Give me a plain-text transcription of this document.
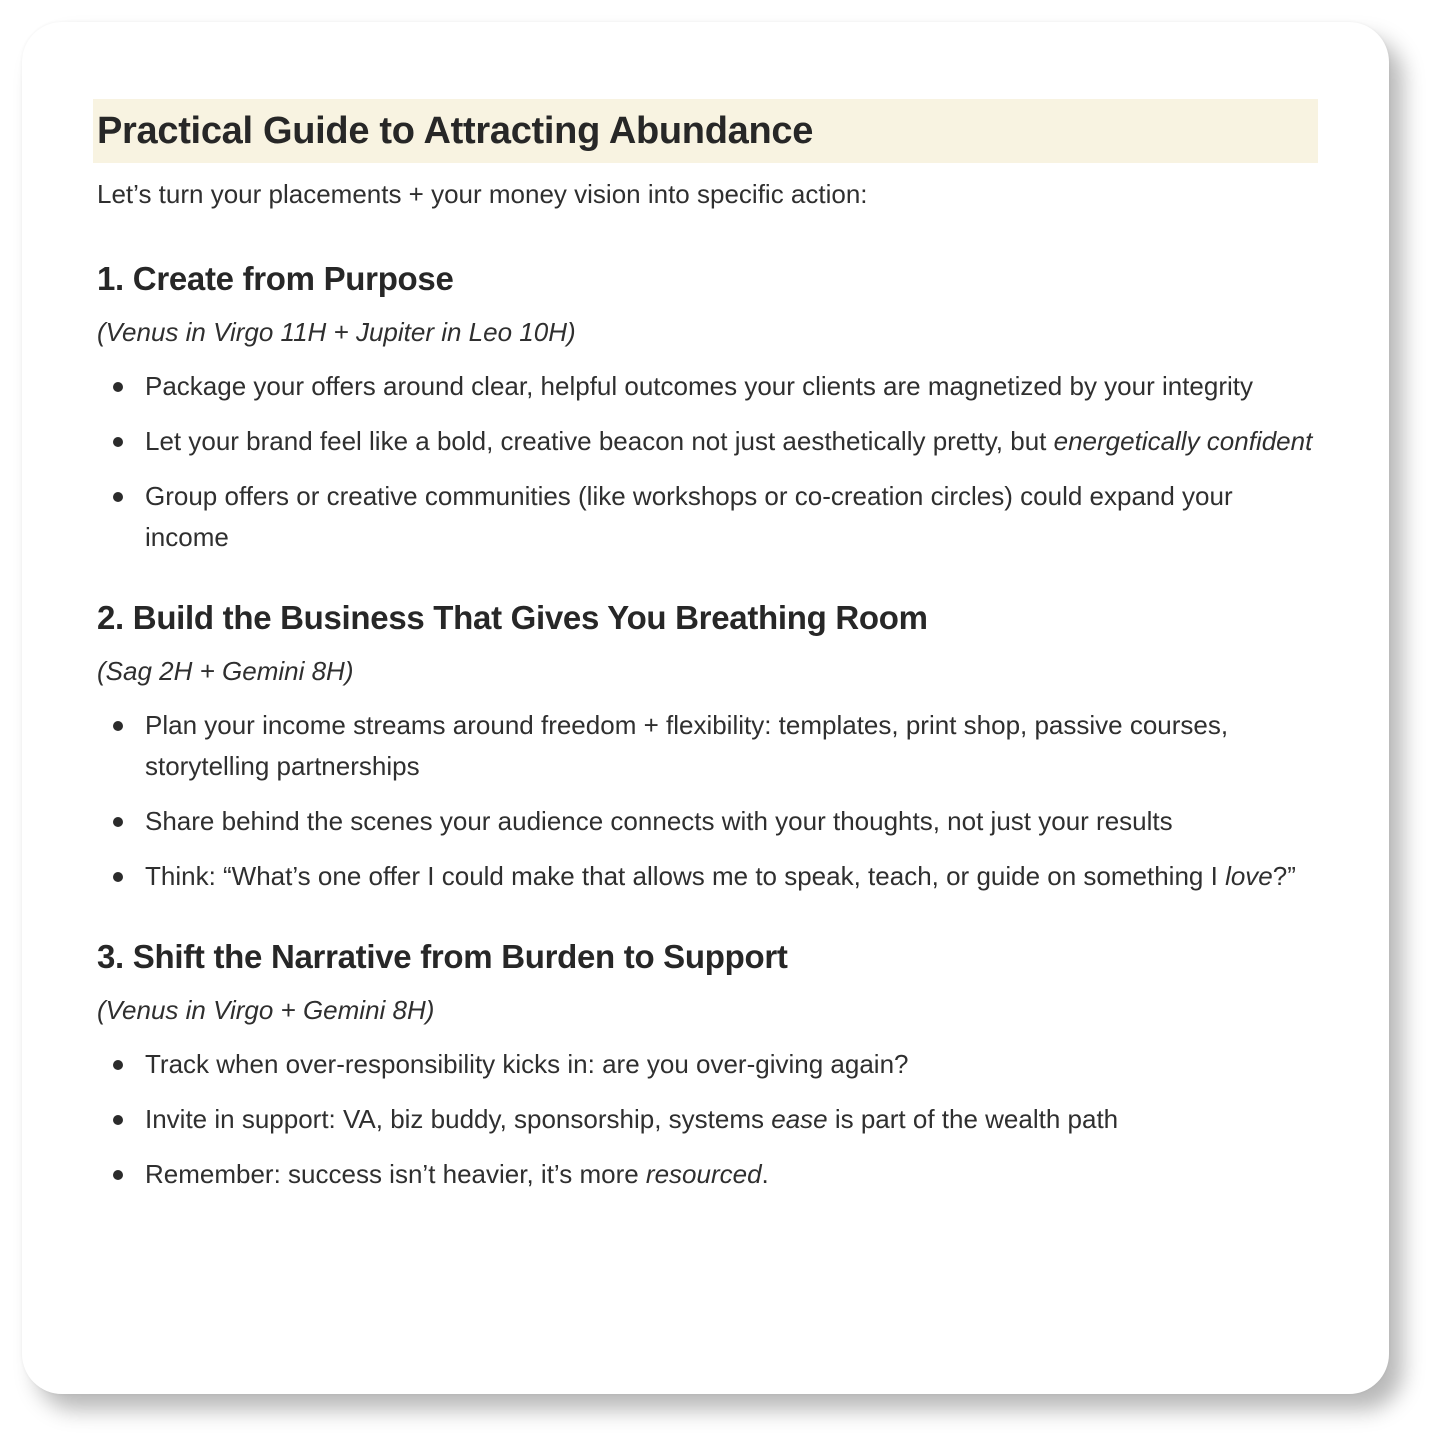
Practical Guide to Attracting Abundance

Let’s turn your placements + your money vision into specific action:

1. Create from Purpose

(Venus in Virgo 11H + Jupiter in Leo 10H)

Package your offers around clear, helpful outcomes your clients are magnetized by your integrity
Let your brand feel like a bold, creative beacon not just aesthetically pretty, but energetically confident
Group offers or creative communities (like workshops or co-creation circles) could expand your income
2. Build the Business That Gives You Breathing Room

(Sag 2H + Gemini 8H)

Plan your income streams around freedom + flexibility: templates, print shop, passive courses, storytelling partnerships
Share behind the scenes your audience connects with your thoughts, not just your results
Think: “What’s one offer I could make that allows me to speak, teach, or guide on something I love?”
3. Shift the Narrative from Burden to Support

(Venus in Virgo + Gemini 8H)

Track when over-responsibility kicks in: are you over-giving again?
Invite in support: VA, biz buddy, sponsorship, systems ease is part of the wealth path
Remember: success isn’t heavier, it’s more resourced.
